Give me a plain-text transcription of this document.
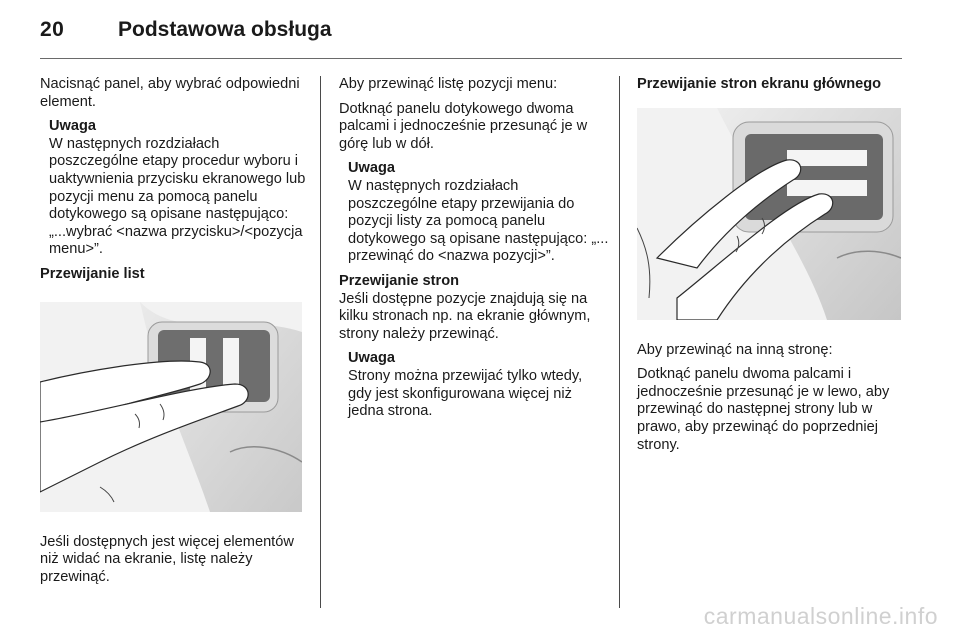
20	Podstawowa obsługa

Nacisnąć panel, aby wybrać odpowiedni element.

Uwaga
W następnych rozdziałach poszczególne etapy procedur wyboru i uaktywnienia przycisku ekranowego lub pozycji menu za pomocą panelu dotykowego są opisane następująco: „...wybrać <nazwa przycisku>/<pozycja menu>”.

Przewijanie list

Jeśli dostępnych jest więcej elementów niż widać na ekranie, listę należy przewinąć.

Aby przewinąć listę pozycji menu:

Dotknąć panelu dotykowego dwoma palcami i jednocześnie przesunąć je w górę lub w dół.

Uwaga
W następnych rozdziałach poszczególne etapy przewijania do pozycji listy za pomocą panelu dotykowego są opisane następująco: „... przewinąć do <nazwa pozycji>”.

Przewijanie stron

Jeśli dostępne pozycje znajdują się na kilku stronach np. na ekranie głównym, strony należy przewinąć.

Uwaga
Strony można przewijać tylko wtedy, gdy jest skonfigurowana więcej niż jedna strona.

Przewijanie stron ekranu głównego

Aby przewinąć na inną stronę:

Dotknąć panelu dwoma palcami i jednocześnie przesunąć je w lewo, aby przewinąć do następnej strony lub w prawo, aby przewinąć do poprzedniej strony.

carmanualsonline.info
